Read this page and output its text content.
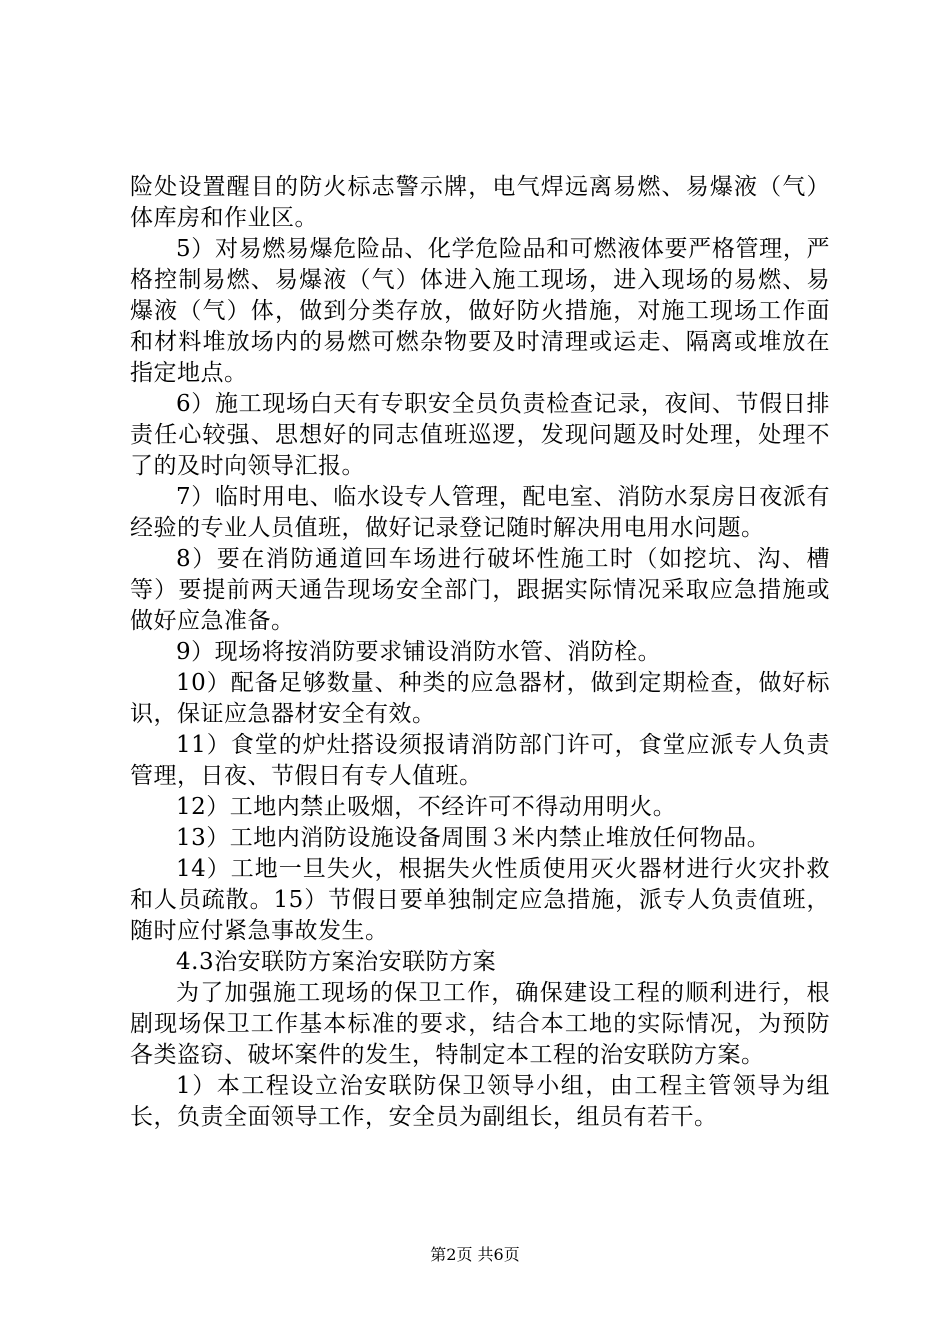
险处设置醒目的防火标志警示牌，电气焊远离易燃、易爆液（气）体库房和作业区。

5）对易燃易爆危险品、化学危险品和可燃液体要严格管理，严格控制易燃、易爆液（气）体进入施工现场，进入现场的易燃、易爆液（气）体，做到分类存放，做好防火措施，对施工现场工作面和材料堆放场内的易燃可燃杂物要及时清理或运走、隔离或堆放在指定地点。

6）施工现场白天有专职安全员负责检查记录，夜间、节假日排责任心较强、思想好的同志值班巡逻，发现问题及时处理，处理不了的及时向领导汇报。

7）临时用电、临水设专人管理，配电室、消防水泵房日夜派有经验的专业人员值班，做好记录登记随时解决用电用水问题。

8）要在消防通道回车场进行破坏性施工时（如挖坑、沟、槽等）要提前两天通告现场安全部门，跟据实际情况采取应急措施或做好应急准备。

9）现场将按消防要求铺设消防水管、消防栓。

10）配备足够数量、种类的应急器材，做到定期检查，做好标识，保证应急器材安全有效。

11）食堂的炉灶搭设须报请消防部门许可，食堂应派专人负责管理，日夜、节假日有专人值班。

12）工地内禁止吸烟，不经许可不得动用明火。

13）工地内消防设施设备周围３米内禁止堆放任何物品。

14）工地一旦失火，根据失火性质使用灭火器材进行火灾扑救和人员疏散。15）节假日要单独制定应急措施，派专人负责值班，随时应付紧急事故发生。

4.3治安联防方案治安联防方案

为了加强施工现场的保卫工作，确保建设工程的顺利进行，根剧现场保卫工作基本标准的要求，结合本工地的实际情况，为预防各类盗窃、破坏案件的发生，特制定本工程的治安联防方案。

1）本工程设立治安联防保卫领导小组，由工程主管领导为组长，负责全面领导工作，安全员为副组长，组员有若干。

第2页 共6页
